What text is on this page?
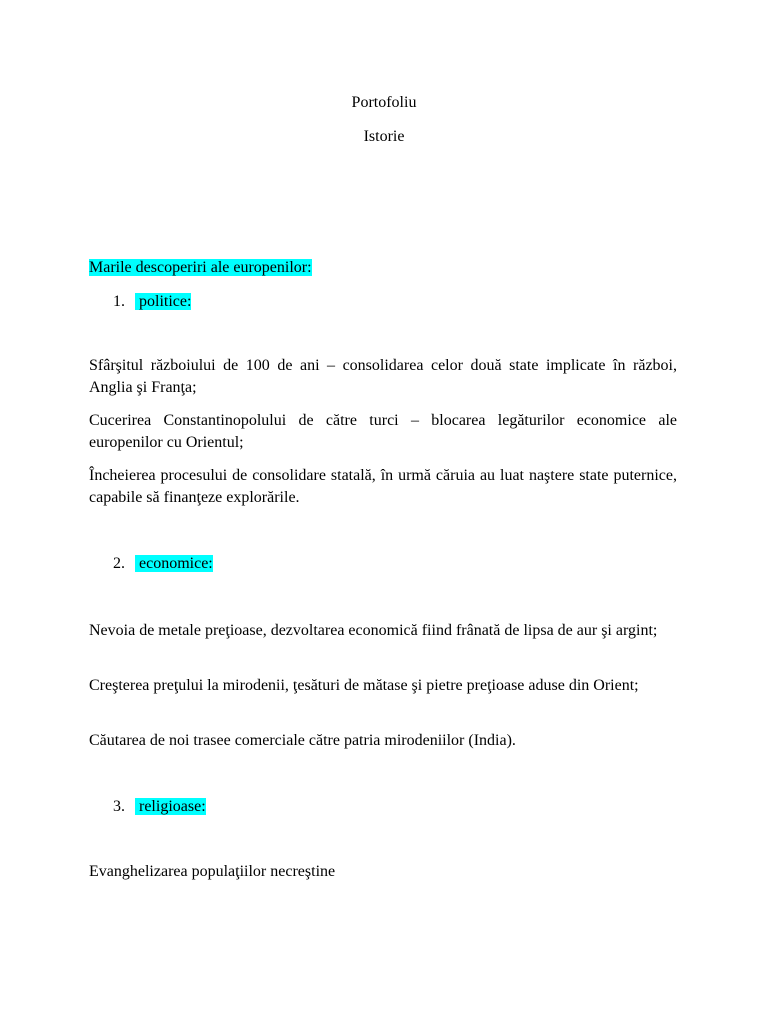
Portofoliu
Istorie
Marile descoperiri ale europenilor:
1. politice:
Sfârşitul războiului de 100 de ani – consolidarea celor două state implicate în război, Anglia şi Franţa;
Cucerirea Constantinopolului de către turci – blocarea legăturilor economice ale europenilor cu Orientul;
Încheierea procesului de consolidare statală, în urmă căruia au luat naştere state puternice, capabile să finanţeze explorările.
2. economice:
Nevoia de metale preţioase, dezvoltarea economică fiind frânată de lipsa de aur şi argint;
Creşterea preţului la mirodenii, ţesături de mătase şi pietre preţioase aduse din Orient;
Căutarea de noi trasee comerciale către patria mirodeniilor (India).
3. religioase:
Evanghelizarea populaţiilor necreştine
